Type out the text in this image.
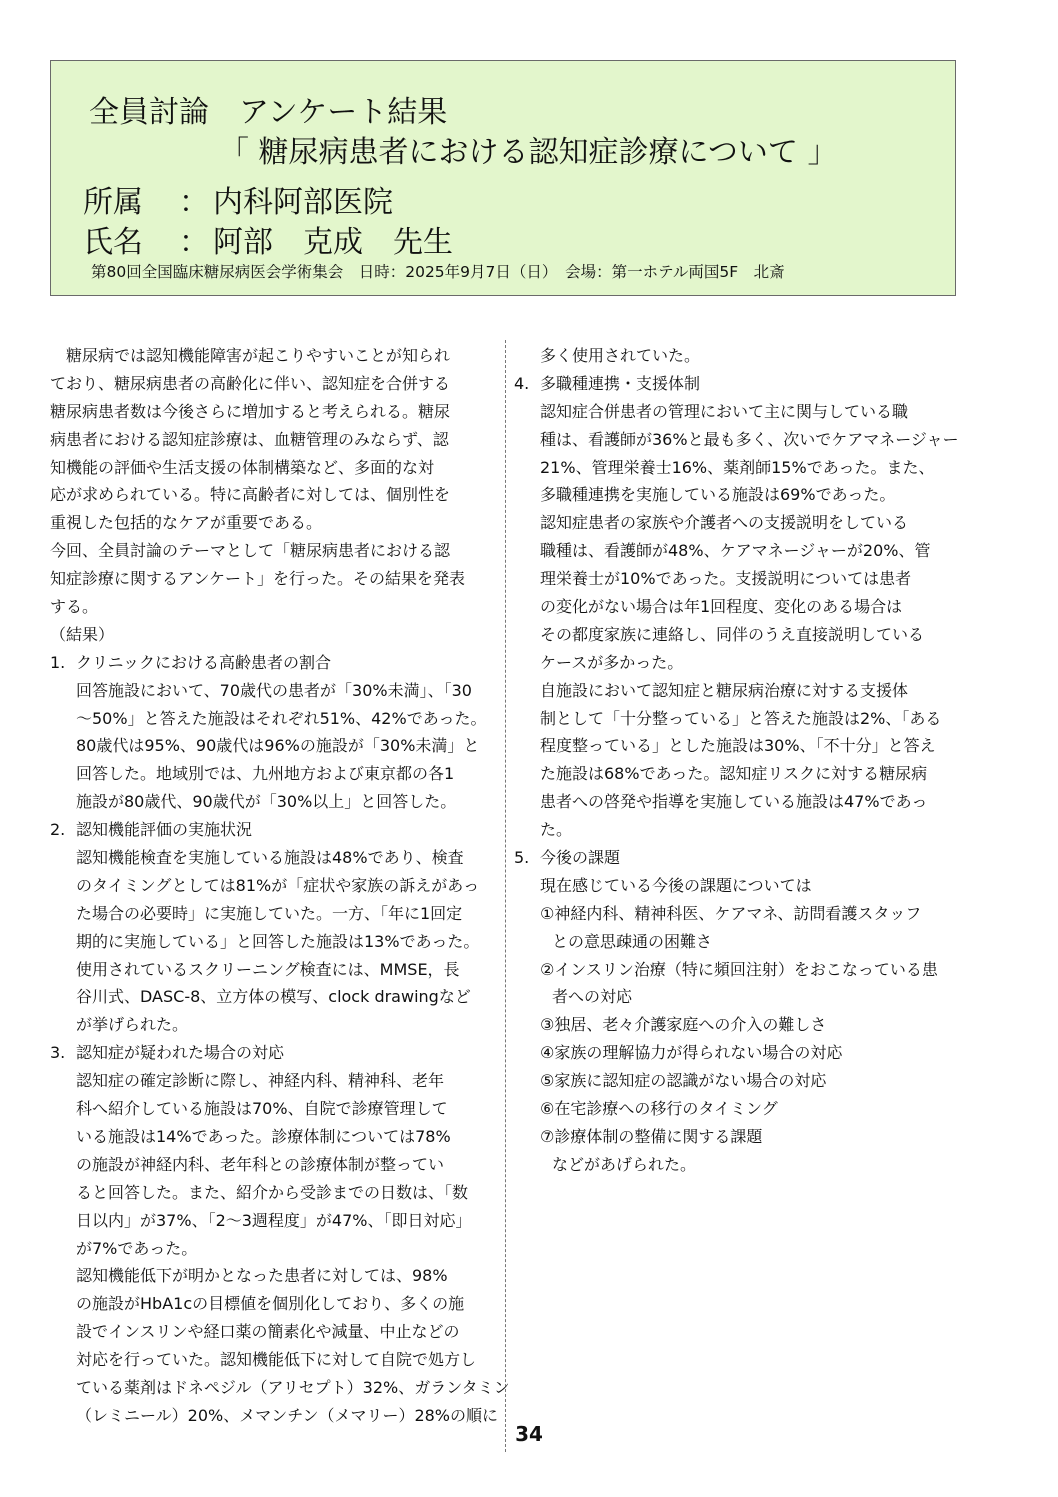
全員討論　アンケート結果
「 糖尿病患者における認知症診療について 」
所属 ： 内科阿部医院
氏名 ： 阿部　克成　先生
第80回全国臨床糖尿病医会学術集会　日時：2025年9月7日（日）　会場：第一ホテル両国5F　北斎
　糖尿病では認知機能障害が起こりやすいことが知られ
ており、糖尿病患者の高齢化に伴い、認知症を合併する
糖尿病患者数は今後さらに増加すると考えられる。糖尿
病患者における認知症診療は、血糖管理のみならず、認
知機能の評価や生活支援の体制構築など、多面的な対
応が求められている。特に高齢者に対しては、個別性を
重視した包括的なケアが重要である。
今回、全員討論のテーマとして「糖尿病患者における認
知症診療に関するアンケート」を行った。その結果を発表
する。
（結果）
1. クリニックにおける高齢患者の割合
回答施設において、70歳代の患者が「30%未満」、「30
～50%」と答えた施設はそれぞれ51%、42%であった。
80歳代は95%、90歳代は96%の施設が「30%未満」と
回答した。地域別では、九州地方および東京都の各1
施設が80歳代、90歳代が「30%以上」と回答した。
2. 認知機能評価の実施状況
認知機能検査を実施している施設は48%であり、検査
のタイミングとしては81%が「症状や家族の訴えがあっ
た場合の必要時」に実施していた。一方、「年に1回定
期的に実施している」と回答した施設は13%であった。
使用されているスクリーニング検査には、MMSE，長
谷川式、DASC-8、立方体の模写、clock drawingなど
が挙げられた。
3. 認知症が疑われた場合の対応
認知症の確定診断に際し、神経内科、精神科、老年
科へ紹介している施設は70%、自院で診療管理して
いる施設は14%であった。診療体制については78%
の施設が神経内科、老年科との診療体制が整ってい
ると回答した。また、紹介から受診までの日数は、「数
日以内」が37%、「2～3週程度」が47%、「即日対応」
が7%であった。
認知機能低下が明かとなった患者に対しては、98%
の施設がHbA1cの目標値を個別化しており、多くの施
設でインスリンや経口薬の簡素化や減量、中止などの
対応を行っていた。認知機能低下に対して自院で処方し
ている薬剤はドネペジル（アリセプト）32%、ガランタミン
（レミニール）20%、メマンチン（メマリー）28%の順に
多く使用されていた。
4. 多職種連携・支援体制
認知症合併患者の管理において主に関与している職
種は、看護師が36%と最も多く、次いでケアマネージャー
21%、管理栄養士16%、薬剤師15%であった。また、
多職種連携を実施している施設は69%であった。
認知症患者の家族や介護者への支援説明をしている
職種は、看護師が48%、ケアマネージャーが20%、管
理栄養士が10%であった。支援説明については患者
の変化がない場合は年1回程度、変化のある場合は
その都度家族に連絡し、同伴のうえ直接説明している
ケースが多かった。
自施設において認知症と糖尿病治療に対する支援体
制として「十分整っている」と答えた施設は2%、「ある
程度整っている」とした施設は30%、「不十分」と答え
た施設は68%であった。認知症リスクに対する糖尿病
患者への啓発や指導を実施している施設は47%であっ
た。
5. 今後の課題
現在感じている今後の課題については
①神経内科、精神科医、ケアマネ、訪問看護スタッフ
との意思疎通の困難さ
②インスリン治療（特に頻回注射）をおこなっている患
者への対応
③独居、老々介護家庭への介入の難しさ
④家族の理解協力が得られない場合の対応
⑤家族に認知症の認識がない場合の対応
⑥在宅診療への移行のタイミング
⑦診療体制の整備に関する課題
などがあげられた。
34
